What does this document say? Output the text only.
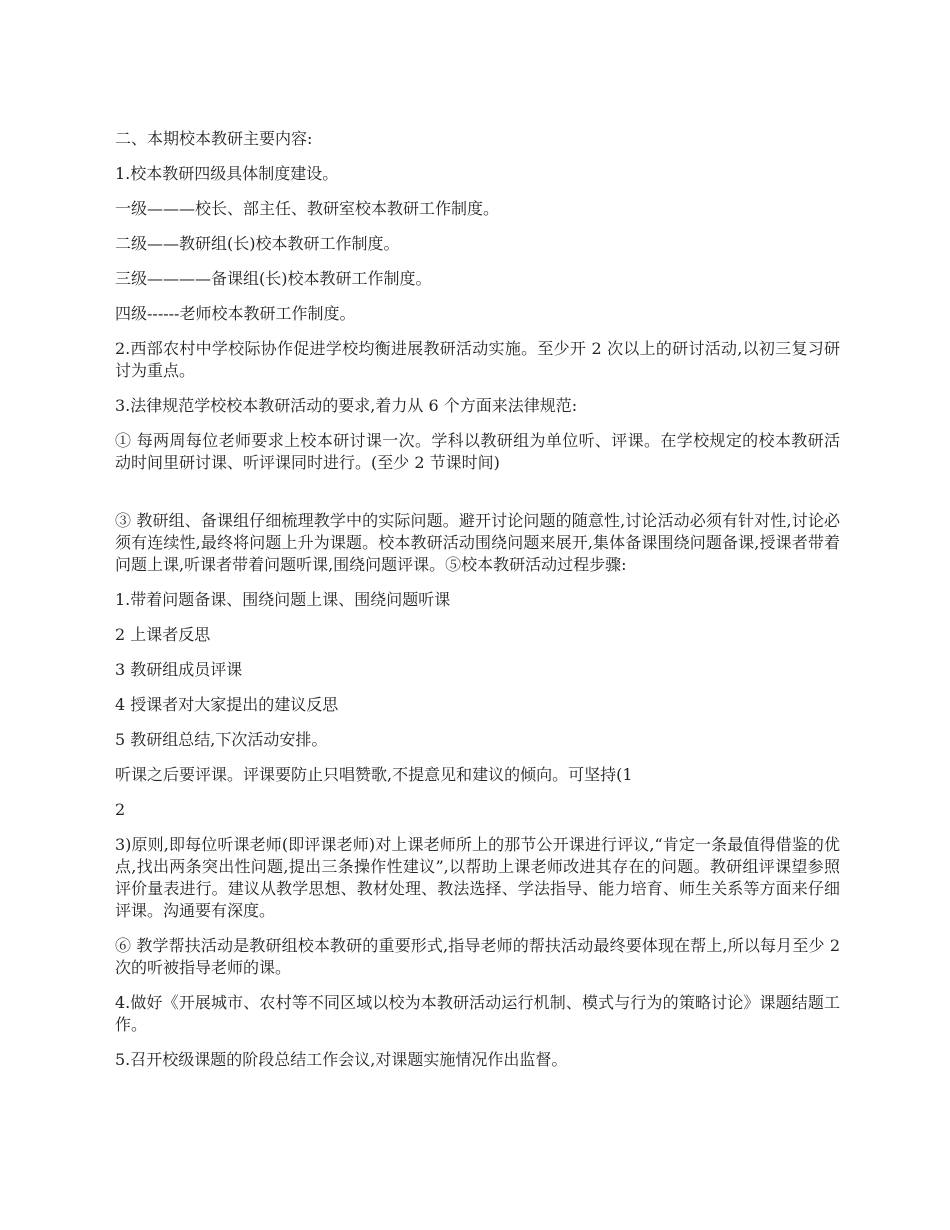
二、本期校本教研主要内容:

1.校本教研四级具体制度建设。

一级———校长、部主任、教研室校本教研工作制度。

二级——教研组(长)校本教研工作制度。

三级————备课组(长)校本教研工作制度。

四级------老师校本教研工作制度。

2.西部农村中学校际协作促进学校均衡进展教研活动实施。至少开 2 次以上的研讨活动,以初三复习研讨为重点。

3.法律规范学校校本教研活动的要求,着力从 6 个方面来法律规范:

① 每两周每位老师要求上校本研讨课一次。学科以教研组为单位听、评课。在学校规定的校本教研活动时间里研讨课、听评课同时进行。(至少 2 节课时间)

③ 教研组、备课组仔细梳理教学中的实际问题。避开讨论问题的随意性,讨论活动必须有针对性,讨论必须有连续性,最终将问题上升为课题。校本教研活动围绕问题来展开,集体备课围绕问题备课,授课者带着问题上课,听课者带着问题听课,围绕问题评课。⑤校本教研活动过程步骤:

1.带着问题备课、围绕问题上课、围绕问题听课

2 上课者反思

3 教研组成员评课

4 授课者对大家提出的建议反思

5 教研组总结,下次活动安排。

听课之后要评课。评课要防止只唱赞歌,不提意见和建议的倾向。可坚持(1

2

3)原则,即每位听课老师(即评课老师)对上课老师所上的那节公开课进行评议,“肯定一条最值得借鉴的优点,找出两条突出性问题,提出三条操作性建议”,以帮助上课老师改进其存在的问题。教研组评课望参照评价量表进行。建议从教学思想、教材处理、教法选择、学法指导、能力培育、师生关系等方面来仔细评课。沟通要有深度。

⑥ 教学帮扶活动是教研组校本教研的重要形式,指导老师的帮扶活动最终要体现在帮上,所以每月至少 2 次的听被指导老师的课。

4.做好《开展城市、农村等不同区域以校为本教研活动运行机制、模式与行为的策略讨论》课题结题工作。

5.召开校级课题的阶段总结工作会议,对课题实施情况作出监督。
